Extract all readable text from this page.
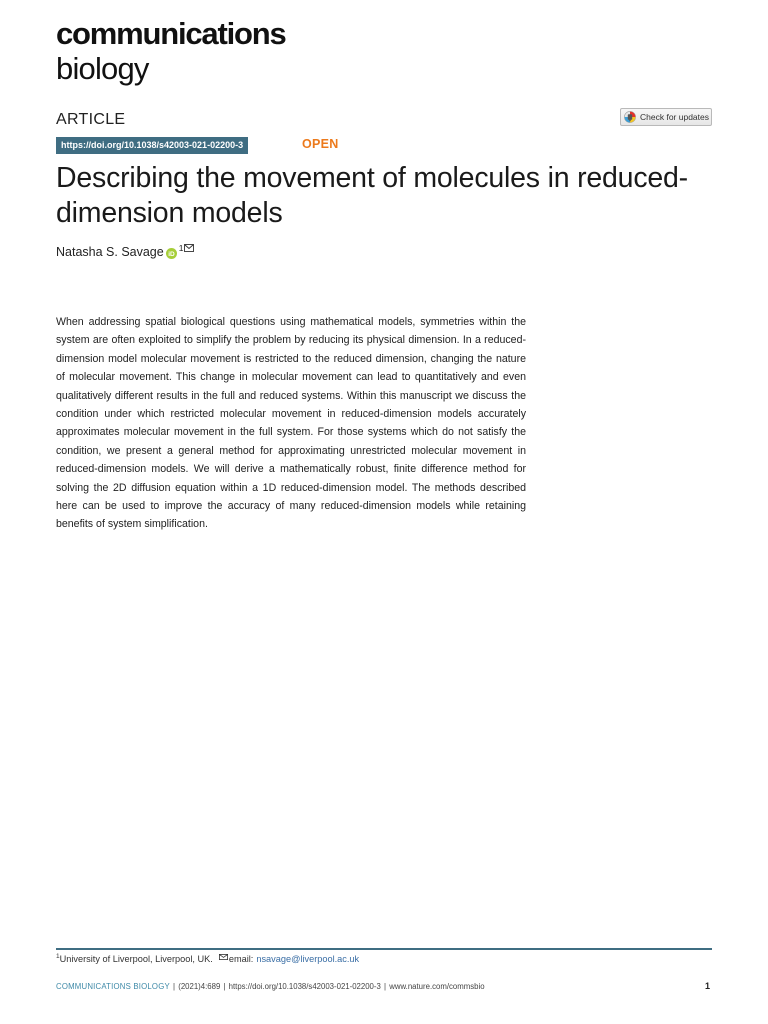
communications
biology
ARTICLE	Check for updates
https://doi.org/10.1038/s42003-021-02200-3	OPEN
Describing the movement of molecules in reduced-dimension models
Natasha S. Savage iD
1

When addressing spatial biological questions using mathematical models, symmetries within the system are often exploited to simplify the problem by reducing its physical dimension. In a reduced-dimension model molecular movement is restricted to the reduced dimension, changing the nature of molecular movement. This change in molecular movement can lead to quantitatively and even qualitatively different results in the full and reduced systems. Within this manuscript we discuss the condition under which restricted molecular movement in reduced-dimension models accurately approximates molecular movement in the full system. For those systems which do not satisfy the condition, we present a general method for approximating unrestricted molecular movement in reduced-dimension models. We will derive a mathematically robust, finite difference method for solving the 2D diffusion equation within a 1D reduced-dimension model. The methods described here can be used to improve the accuracy of many reduced-dimension models while retaining benefits of system simplification.

1 University of Liverpool, Liverpool, UK. email: nsavage@liverpool.ac.uk
COMMUNICATIONS BIOLOGY | (2021)4:689 | https://doi.org/10.1038/s42003-021-02200-3 | www.nature.com/commsbio	1
